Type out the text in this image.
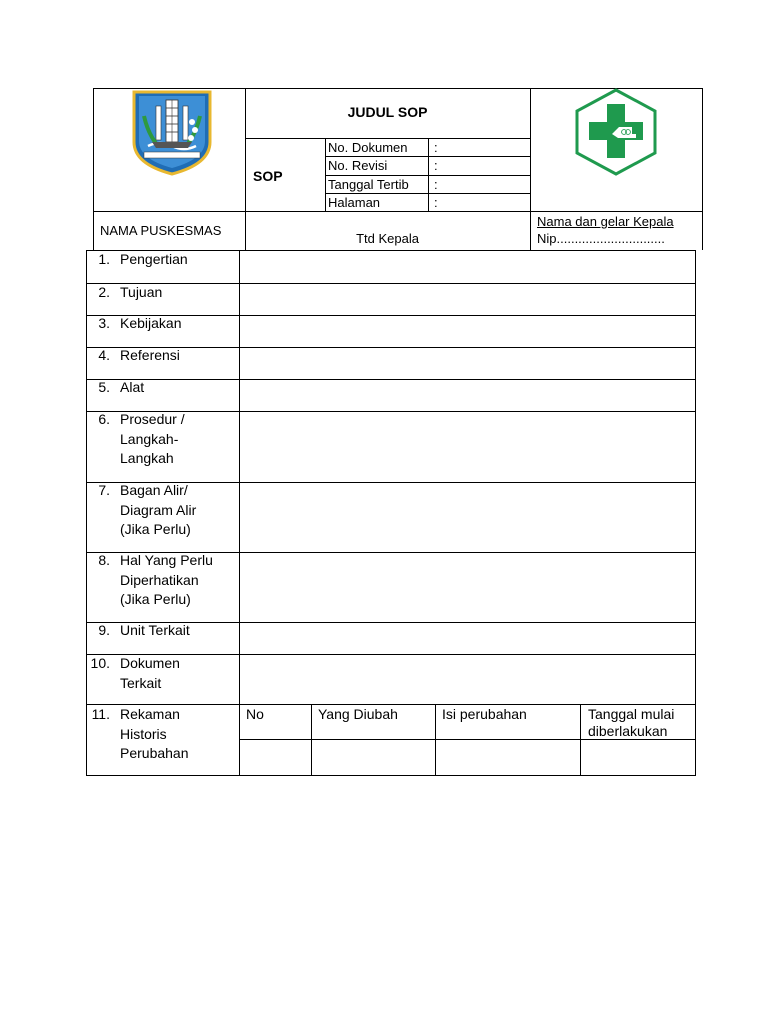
JUDUL SOP
SOP
No. Dokumen :
No. Revisi	:
Tanggal Tertib :
Halaman	:
NAMA PUSKESMAS
Ttd Kepala
Nama dan gelar Kepala
Nip..............................
1. Pengertian
2. Tujuan
3. Kebijakan
4. Referensi
5. Alat
6. Prosedur / Langkah-Langkah
7. Bagan Alir/ Diagram Alir (Jika Perlu)
8. Hal Yang Perlu Diperhatikan (Jika Perlu)
9. Unit Terkait
10. Dokumen Terkait
11. Rekaman Historis Perubahan
No	Yang Diubah	Isi perubahan	Tanggal mulai diberlakukan
